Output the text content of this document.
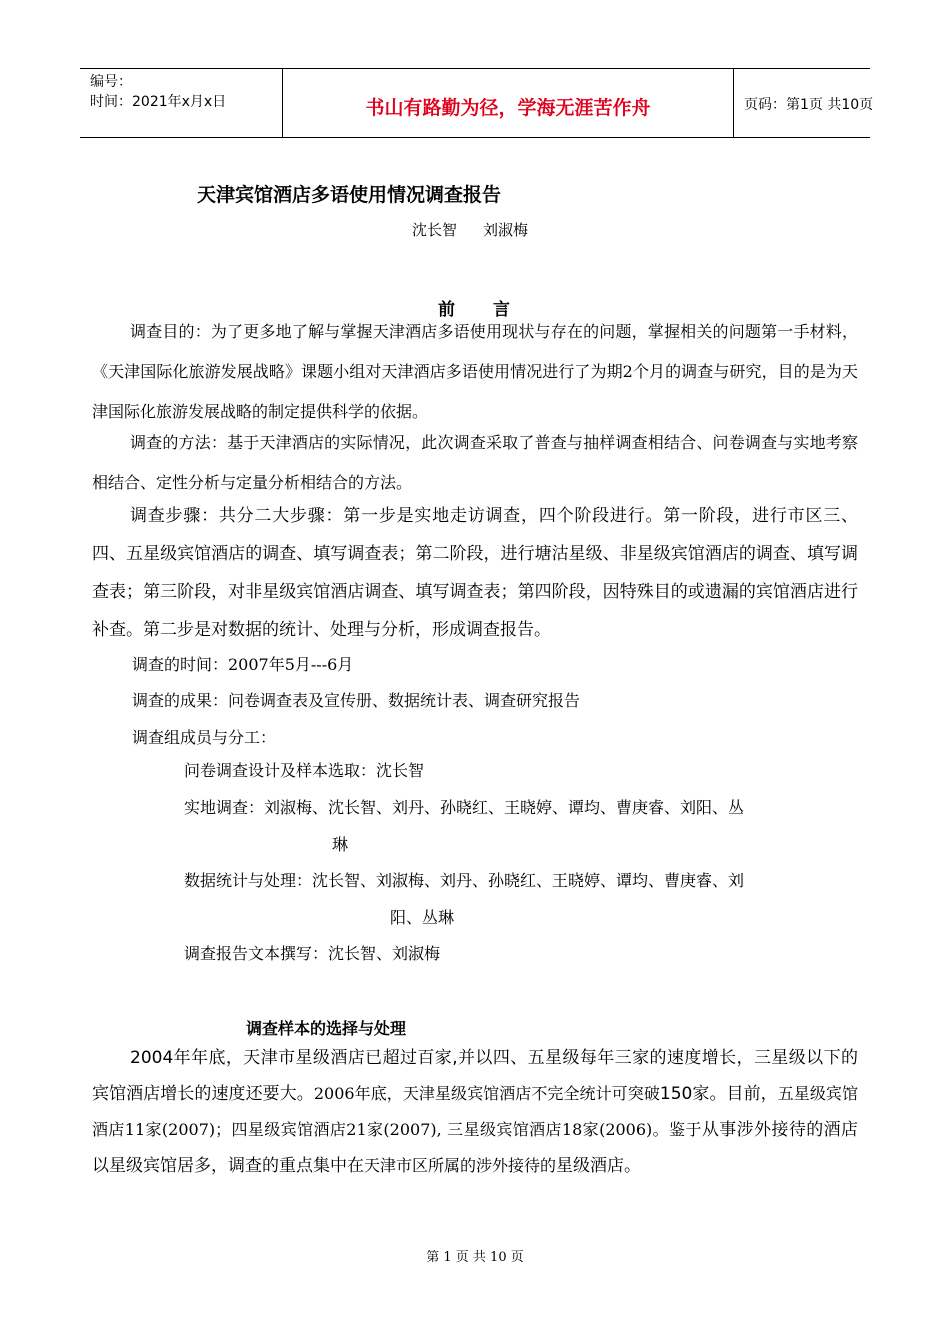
编号：
时间：2021年x月x日	书山有路勤为径，学海无涯苦作舟	页码：第1页 共10页
天津宾馆酒店多语使用情况调查报告
沈长智 刘淑梅
前言

调查目的：为了更多地了解与掌握天津酒店多语使用现状与存在的问题，掌握相关的问题第一手材料，《天津国际化旅游发展战略》课题小组对天津酒店多语使用情况进行了为期2个月的调查与研究，目的是为天津国际化旅游发展战略的制定提供科学的依据。

调查的方法：基于天津酒店的实际情况，此次调查采取了普查与抽样调查相结合、问卷调查与实地考察相结合、定性分析与定量分析相结合的方法。

调查步骤：共分二大步骤：第一步是实地走访调查，四个阶段进行。第一阶段，进行市区三、四、五星级宾馆酒店的调查、填写调查表；第二阶段，进行塘沽星级、非星级宾馆酒店的调查、填写调查表；第三阶段，对非星级宾馆酒店调查、填写调查表；第四阶段，因特殊目的或遗漏的宾馆酒店进行补查。第二步是对数据的统计、处理与分析，形成调查报告。

调查的时间：2007年5月---6月
调查的成果：问卷调查表及宣传册、数据统计表、调查研究报告
调查组成员与分工：

问卷调查设计及样本选取：沈长智

实地调查：刘淑梅、沈长智、刘丹、孙晓红、王晓婷、谭均、曹庚睿、刘阳、丛

琳

数据统计与处理：沈长智、刘淑梅、刘丹、孙晓红、王晓婷、谭均、曹庚睿、刘

阳、丛琳

调查报告文本撰写：沈长智、刘淑梅

调查样本的选择与处理

2004年年底，天津市星级酒店已超过百家,并以四、五星级每年三家的速度增长，三星级以下的宾馆酒店增长的速度还要大。2006年底，天津星级宾馆酒店不完全统计可突破150家。目前，五星级宾馆酒店11家(2007)；四星级宾馆酒店21家(2007), 三星级宾馆酒店18家(2006)。鉴于从事涉外接待的酒店以星级宾馆居多，调查的重点集中在天津市区所属的涉外接待的星级酒店。

第 1 页 共 10 页
